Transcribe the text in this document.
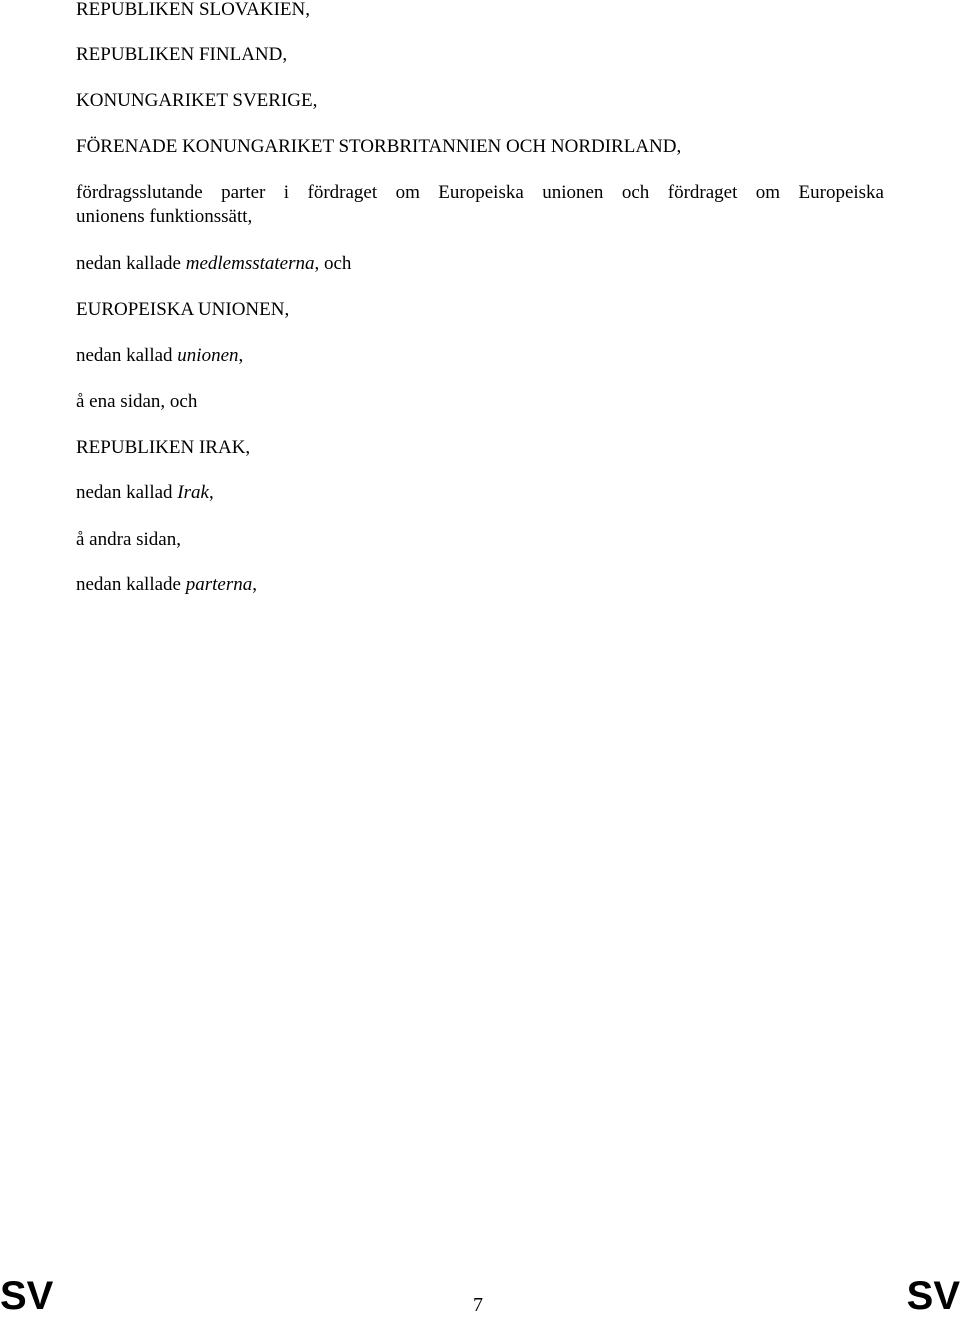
REPUBLIKEN SLOVAKIEN,
REPUBLIKEN FINLAND,
KONUNGARIKET SVERIGE,
FÖRENADE KONUNGARIKET STORBRITANNIEN OCH NORDIRLAND,
fördragsslutande parter i fördraget om Europeiska unionen och fördraget om Europeiska
unionens funktionssätt,
nedan kallade medlemsstaterna, och
EUROPEISKA UNIONEN,
nedan kallad unionen,
å ena sidan, och
REPUBLIKEN IRAK,
nedan kallad Irak,
å andra sidan,
nedan kallade parterna,
SV	7	SV
